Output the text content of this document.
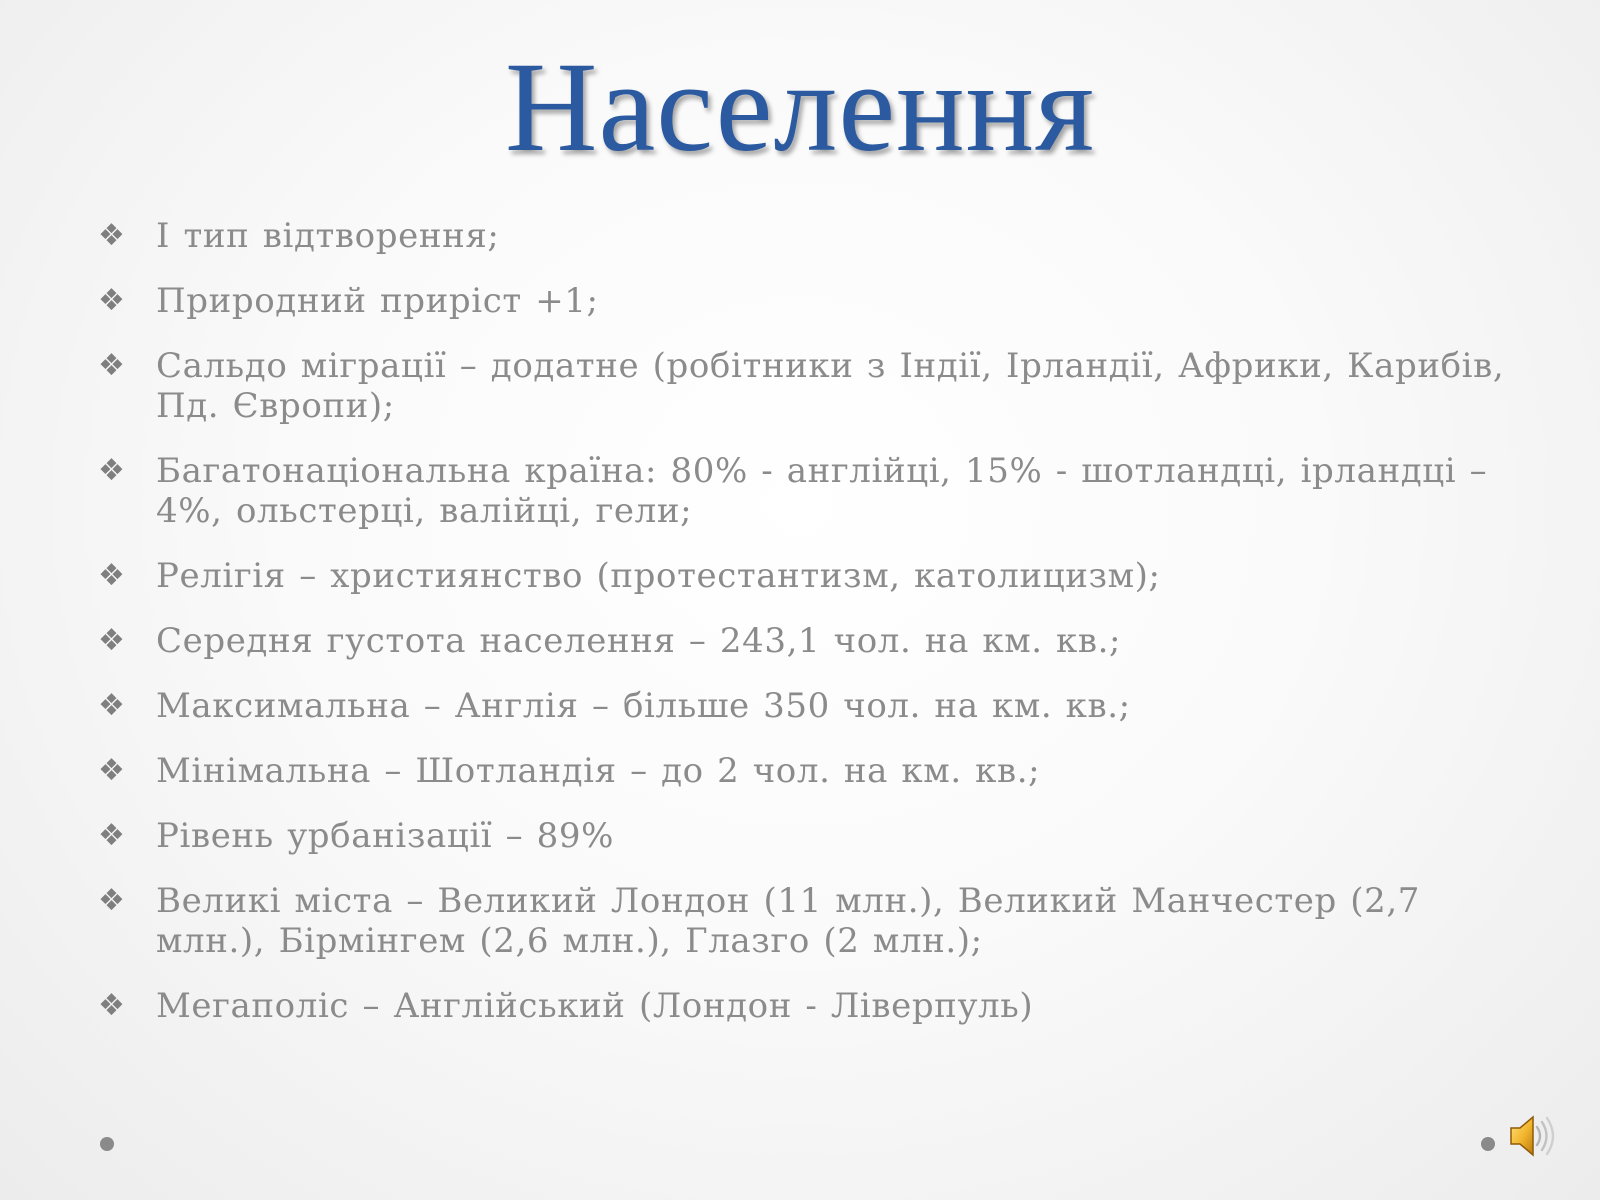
Населення
❖ І тип відтворення;
❖ Природний приріст +1;
❖ Сальдо міграції – додатне (робітники з Індії, Ірландії, Африки, Карибів, Пд. Європи);
❖ Багатонаціональна країна: 80% - англійці, 15% - шотландці, ірландці – 4%, ольстерці, валійці, гели;
❖ Релігія – християнство (протестантизм, католицизм);
❖ Середня густота населення – 243,1 чол. на км. кв.;
❖ Максимальна – Англія – більше 350 чол. на км. кв.;
❖ Мінімальна – Шотландія – до 2 чол. на км. кв.;
❖ Рівень урбанізації – 89%
❖ Великі міста – Великий Лондон (11 млн.), Великий Манчестер (2,7 млн.), Бірмінгем (2,6 млн.), Глазго (2 млн.);
❖ Мегаполіс – Англійський (Лондон - Ліверпуль)
